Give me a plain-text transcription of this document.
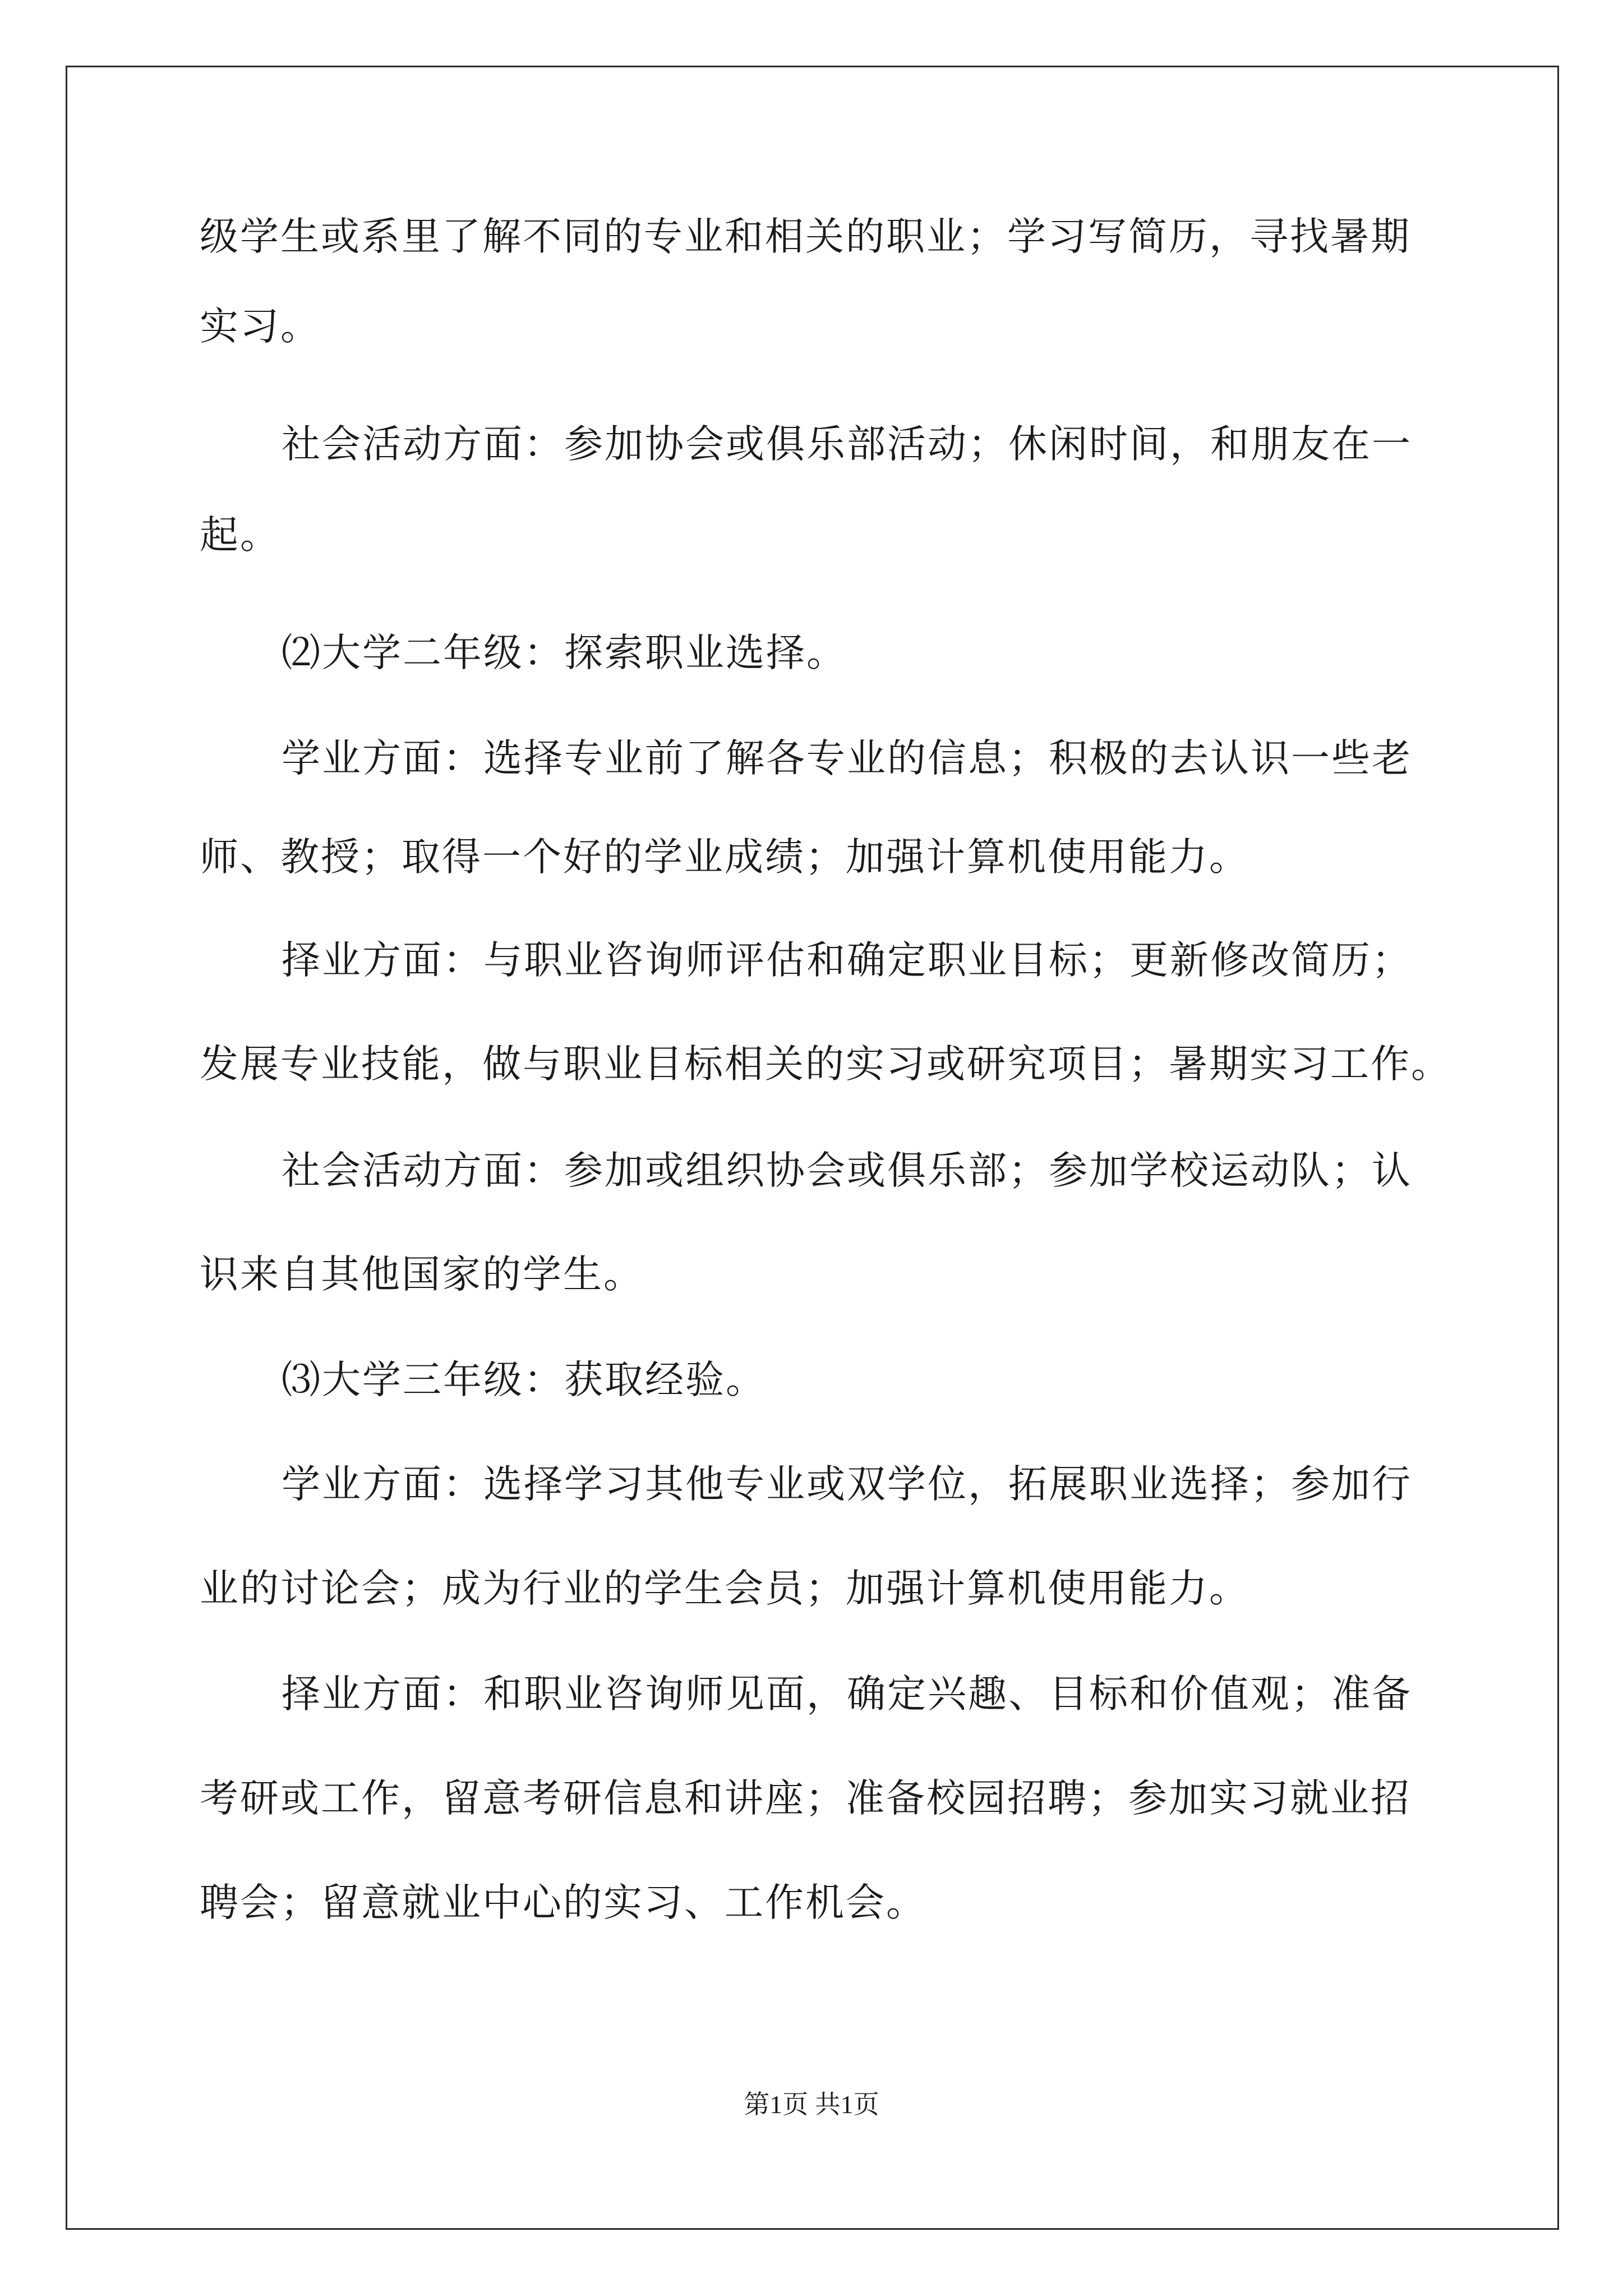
级学生或系里了解不同的专业和相关的职业；学习写简历，寻找暑期
实习。
社会活动方面：参加协会或俱乐部活动；休闲时间，和朋友在一
起。
⑵大学二年级：探索职业选择。
学业方面：选择专业前了解各专业的信息；积极的去认识一些老
师、教授；取得一个好的学业成绩；加强计算机使用能力。
择业方面：与职业咨询师评估和确定职业目标；更新修改简历；
发展专业技能，做与职业目标相关的实习或研究项目；暑期实习工作。
社会活动方面：参加或组织协会或俱乐部；参加学校运动队；认
识来自其他国家的学生。
⑶大学三年级：获取经验。
学业方面：选择学习其他专业或双学位，拓展职业选择；参加行
业的讨论会；成为行业的学生会员；加强计算机使用能力。
择业方面：和职业咨询师见面，确定兴趣、目标和价值观；准备
考研或工作，留意考研信息和讲座；准备校园招聘；参加实习就业招
聘会；留意就业中心的实习、工作机会。
第1页 共1页
